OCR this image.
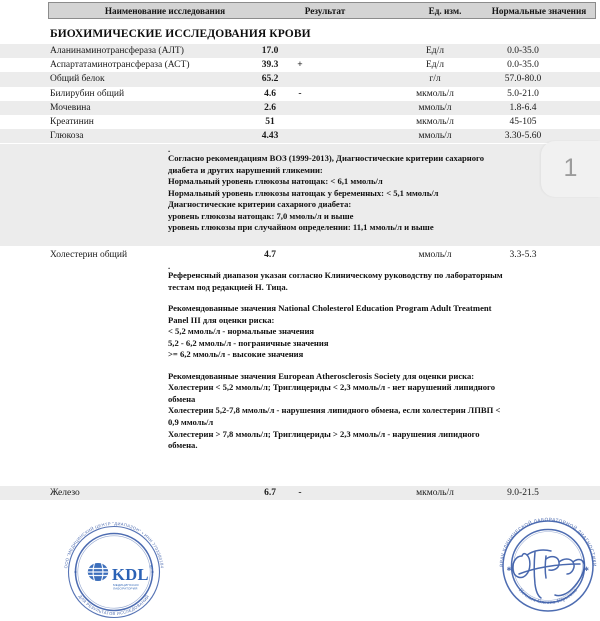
Наименование исследования	Результат	Ед. изм.	Нормальные значения
БИОХИМИЧЕСКИЕ ИССЛЕДОВАНИЯ КРОВИ
Аланинаминотрансфераза (АЛТ)	17.0	Ед/л	0.0-35.0
Аспартатаминотрансфераза (АСТ)	39.3	+	Ед/л	0.0-35.0
Общий белок	65.2	г/л	57.0-80.0
Билирубин общий	4.6	-	мкмоль/л	5.0-21.0
Мочевина	2.6	ммоль/л	1.8-6.4
Креатинин	51	мкмоль/л	45-105
Глюкоза	4.43	ммоль/л	3.30-5.60

.

Согласно рекомендациям ВОЗ (1999-2013), Диагностические критерии сахарного

диабета и других нарушений гликемии:

Нормальный уровень глюкозы натощак: < 6,1 ммоль/л

Нормальный уровень глюкозы натощак у беременных: < 5,1 ммоль/л

Диагностические критерии сахарного диабета:

уровень глюкозы натощак: 7,0 ммоль/л и выше

уровень глюкозы при случайном определении: 11,1 ммоль/л и выше

Холестерин общий	4.7	ммоль/л	3.3-5.3

.

Референсный диапазон указан согласно Клиническому руководству по лабораторным

тестам под редакцией Н. Тица.

Рекомендованные значения National Cholesterol Education Program Adult Treatment

Panel III для оценки риска:

< 5,2 ммоль/л - нормальные значения

5,2 - 6,2 ммоль/л - пограничные значения

>= 6,2 ммоль/л - высокие значения

Рекомендованные значения European Atherosclerosis Society для оценки риска:

Холестерин < 5,2 ммоль/л; Триглицериды < 2,3 ммоль/л - нет нарушений липидного

обмена

Холестерин 5,2-7,8 ммоль/л - нарушения липидного обмена, если холестерин ЛПВП <

0,9 ммоль/л

Холестерин > 7,8 ммоль/л; Триглицериды > 2,3 ммоль/л - нарушения липидного

обмена.

Железо	6.7	-	мкмоль/л	9.0-21.5
1
ООО "МЕДИЦИНСКИЙ ЦЕНТР "ДИАПАЗОН" • ИНН 7703380184
ДЛЯ РЕЗУЛЬТАТОВ ИССЛЕДОВАНИЙ
KDL ®
МЕДИЦИНСКАЯ
ЛАБОРАТОРИЯ
ВРАЧ КЛИНИЧЕСКОЙ ЛАБОРАТОРНОЙ ДИАГНОСТИКИ
Печных Оксана Юрьевна
✱	✱
